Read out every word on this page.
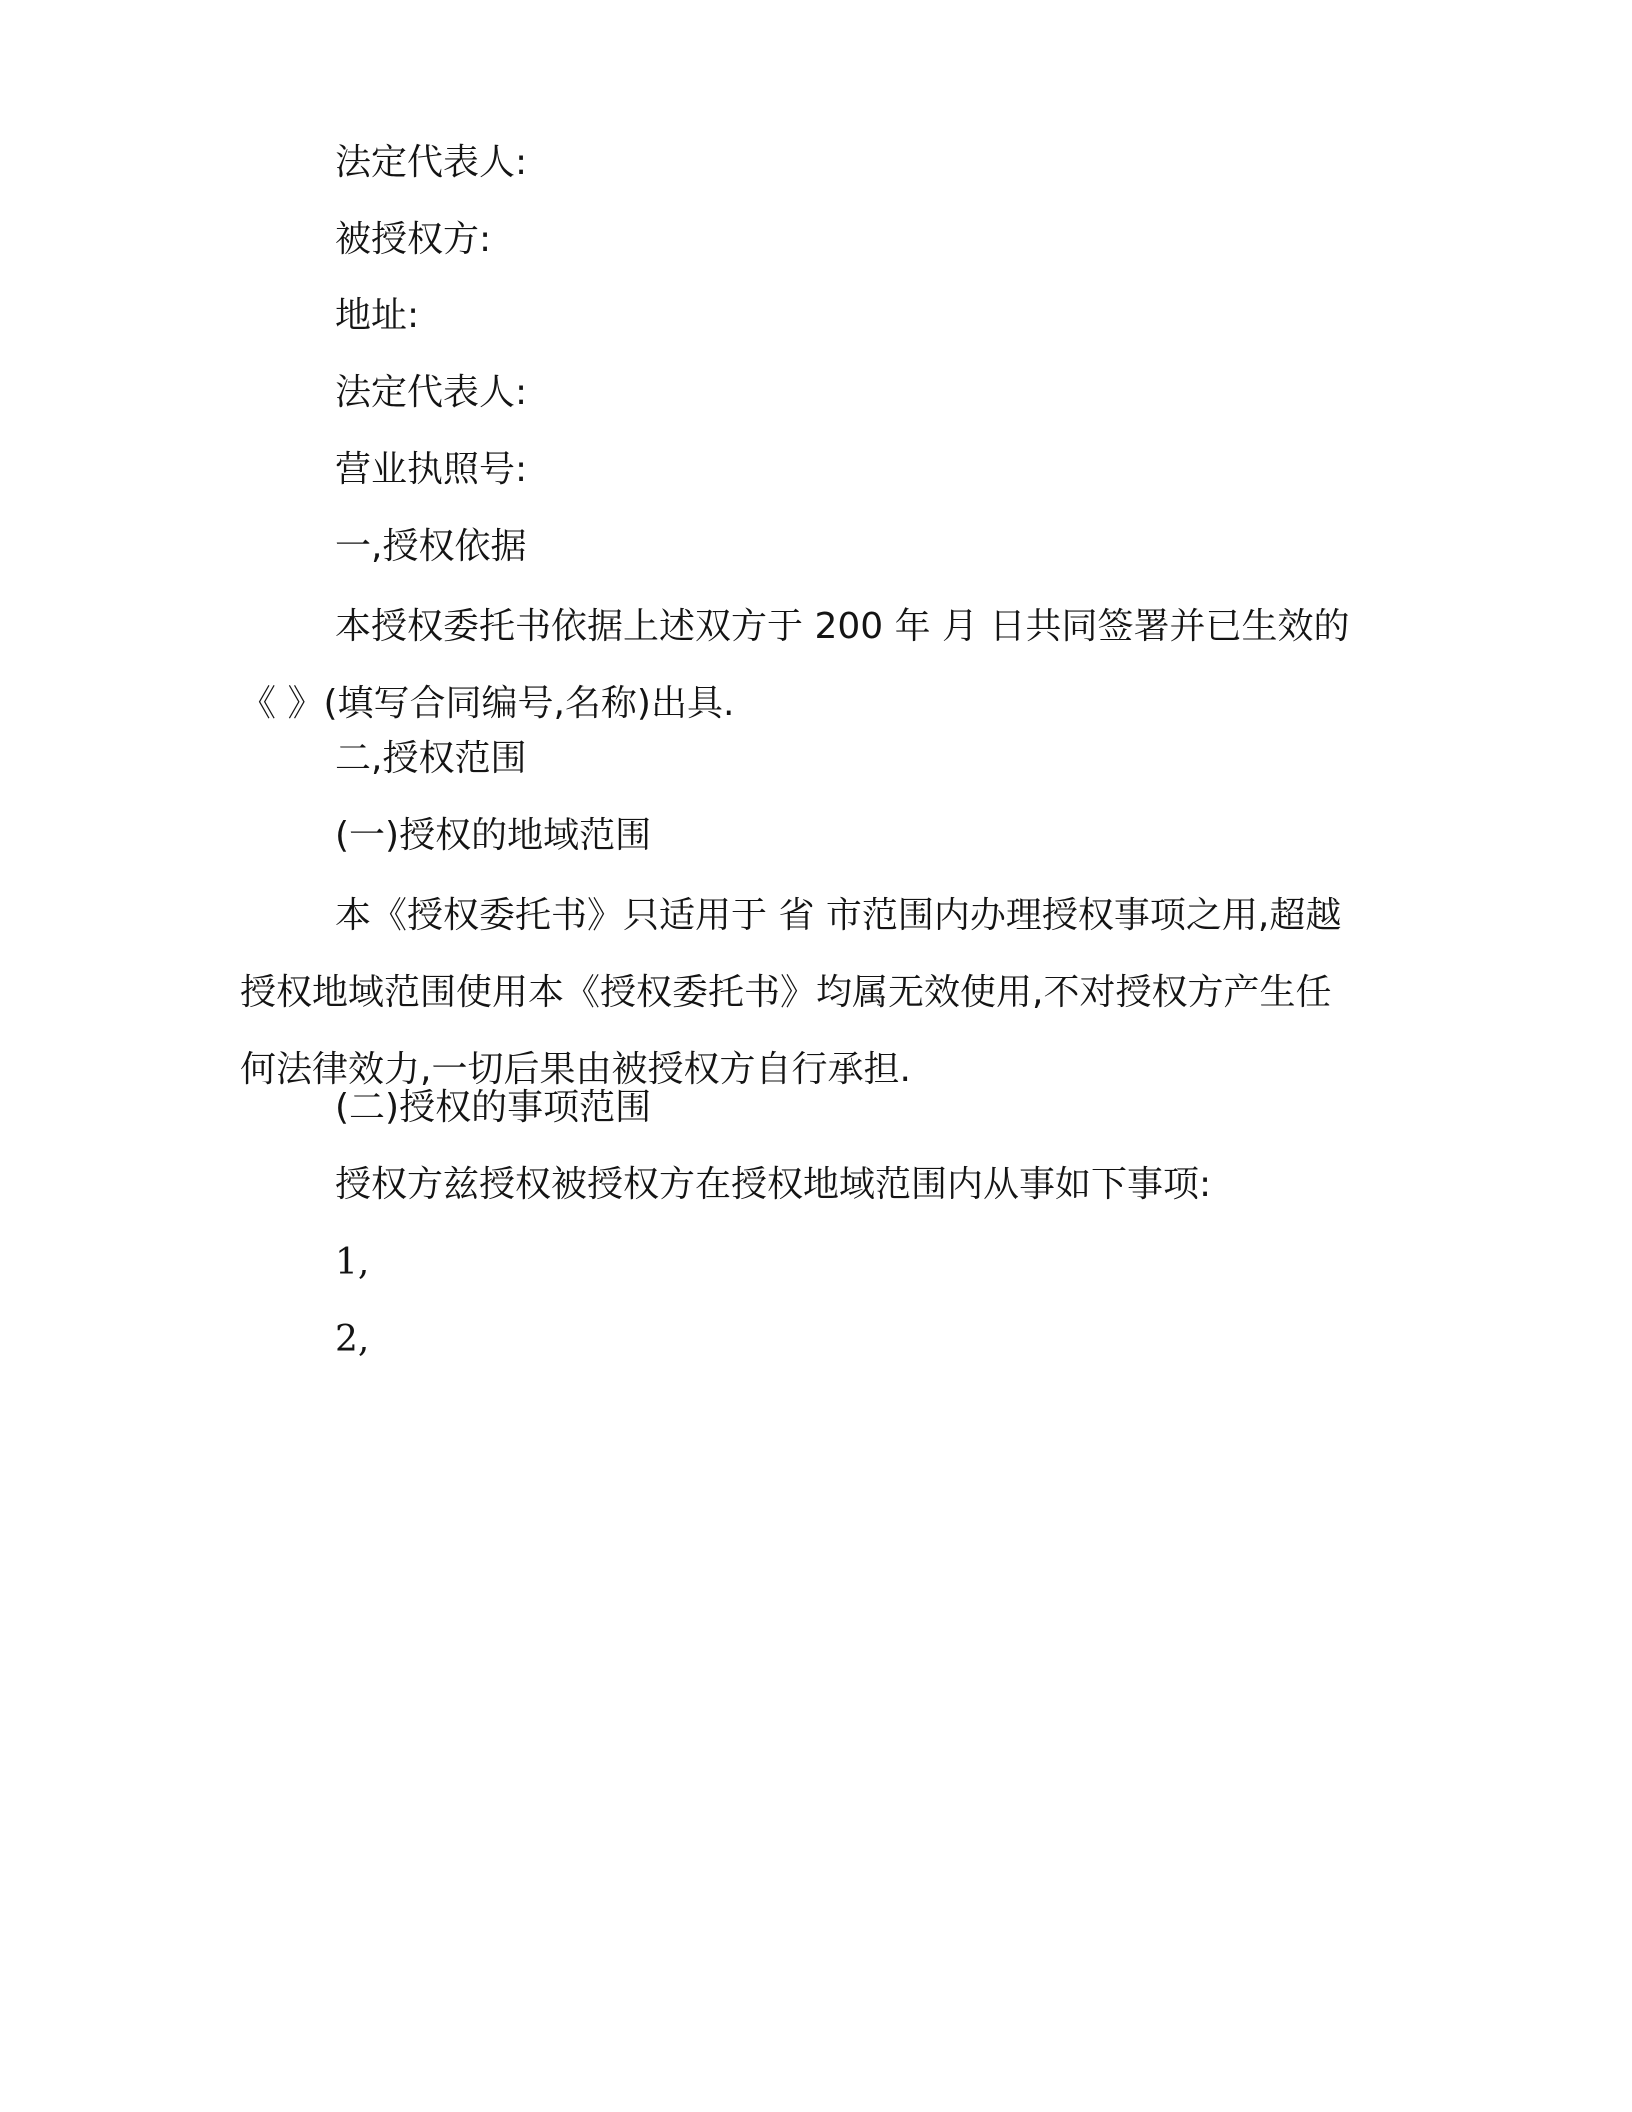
法定代表人:

被授权方:

地址:

法定代表人:

营业执照号:

一,授权依据

本授权委托书依据上述双方于 200 年 月 日共同签署并已生效的《 》(填写合同编号,名称)出具.

二,授权范围

(一)授权的地域范围

本《授权委托书》只适用于 省 市范围内办理授权事项之用,超越授权地域范围使用本《授权委托书》均属无效使用,不对授权方产生任何法律效力,一切后果由被授权方自行承担.

(二)授权的事项范围

授权方兹授权被授权方在授权地域范围内从事如下事项:

1,

2,
